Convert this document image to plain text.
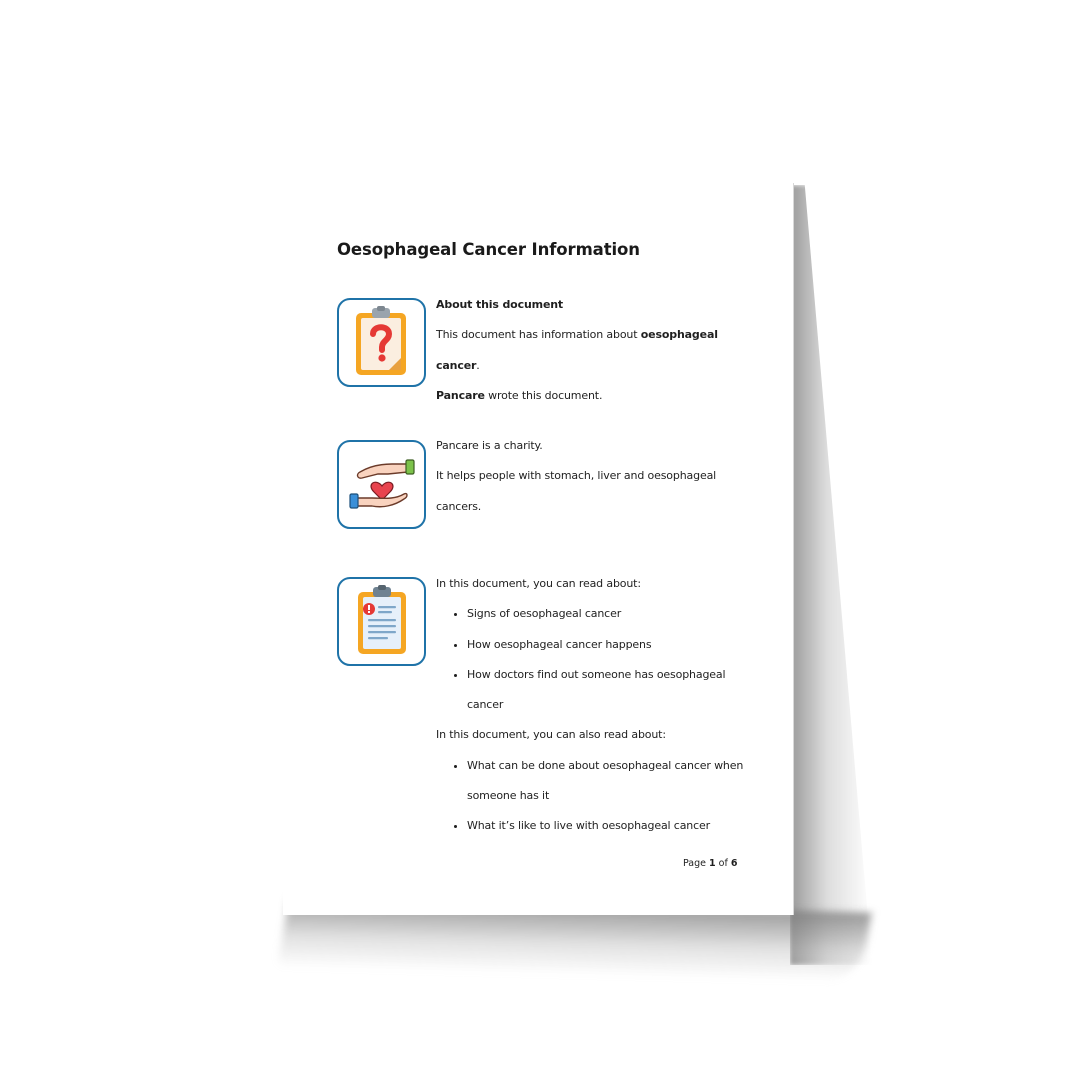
Oesophageal Cancer Information

About this document

This document has information about oesophageal

cancer.

Pancare wrote this document.

Pancare is a charity.

It helps people with stomach, liver and oesophageal

cancers.

In this document, you can read about:

• Signs of oesophageal cancer
• How oesophageal cancer happens
• How doctors find out someone has oesophageal
cancer

In this document, you can also read about:

• What can be done about oesophageal cancer when
someone has it
• What it’s like to live with oesophageal cancer
Page 1 of 6
